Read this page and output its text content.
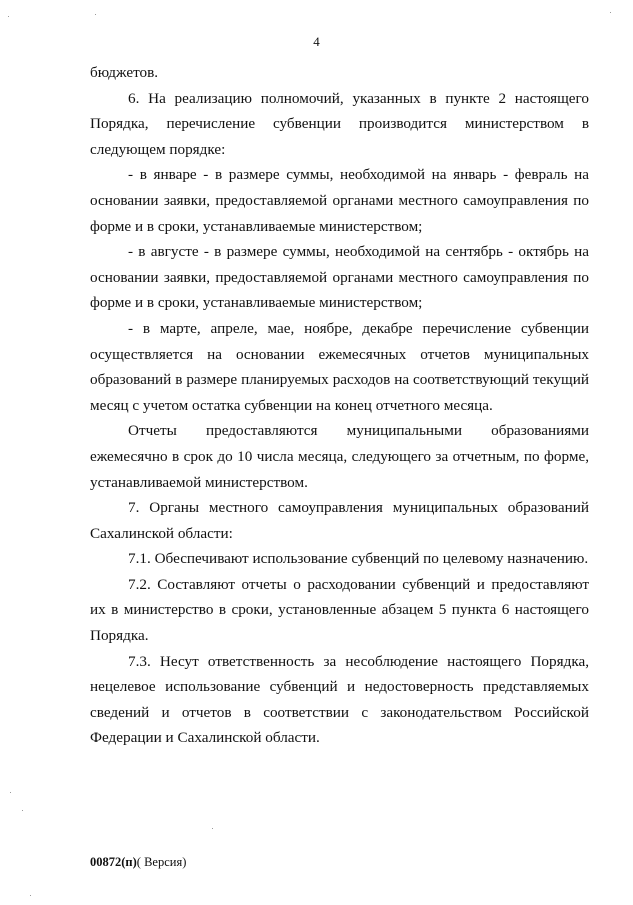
4

бюджетов.

6. На реализацию полномочий, указанных в пункте 2 настоящего Порядка, перечисление субвенции производится министерством в следующем порядке:

- в январе - в размере суммы, необходимой на январь - февраль на основании заявки, предоставляемой органами местного самоуправления по форме и в сроки, устанавливаемые министерством;

- в августе - в размере суммы, необходимой на сентябрь - октябрь на основании заявки, предоставляемой органами местного самоуправления по форме и в сроки, устанавливаемые министерством;

- в марте, апреле, мае, ноябре, декабре перечисление субвенции осуществляется на основании ежемесячных отчетов муниципальных образований в размере планируемых расходов на соответствующий текущий месяц с учетом остатка субвенции на конец отчетного месяца.

Отчеты предоставляются муниципальными образованиями ежемесячно в срок до 10 числа месяца, следующего за отчетным, по форме, устанавливаемой министерством.

7. Органы местного самоуправления муниципальных образований Сахалинской области:

7.1. Обеспечивают использование субвенций по целевому назначению.

7.2. Составляют отчеты о расходовании субвенций и предоставляют их в министерство в сроки, установленные абзацем 5 пункта 6 настоящего Порядка.

7.3. Несут ответственность за несоблюдение настоящего Порядка, нецелевое использование субвенций и недостоверность представляемых сведений и отчетов в соответствии с законодательством Российской Федерации и Сахалинской области.

00872(п)( Версия)
